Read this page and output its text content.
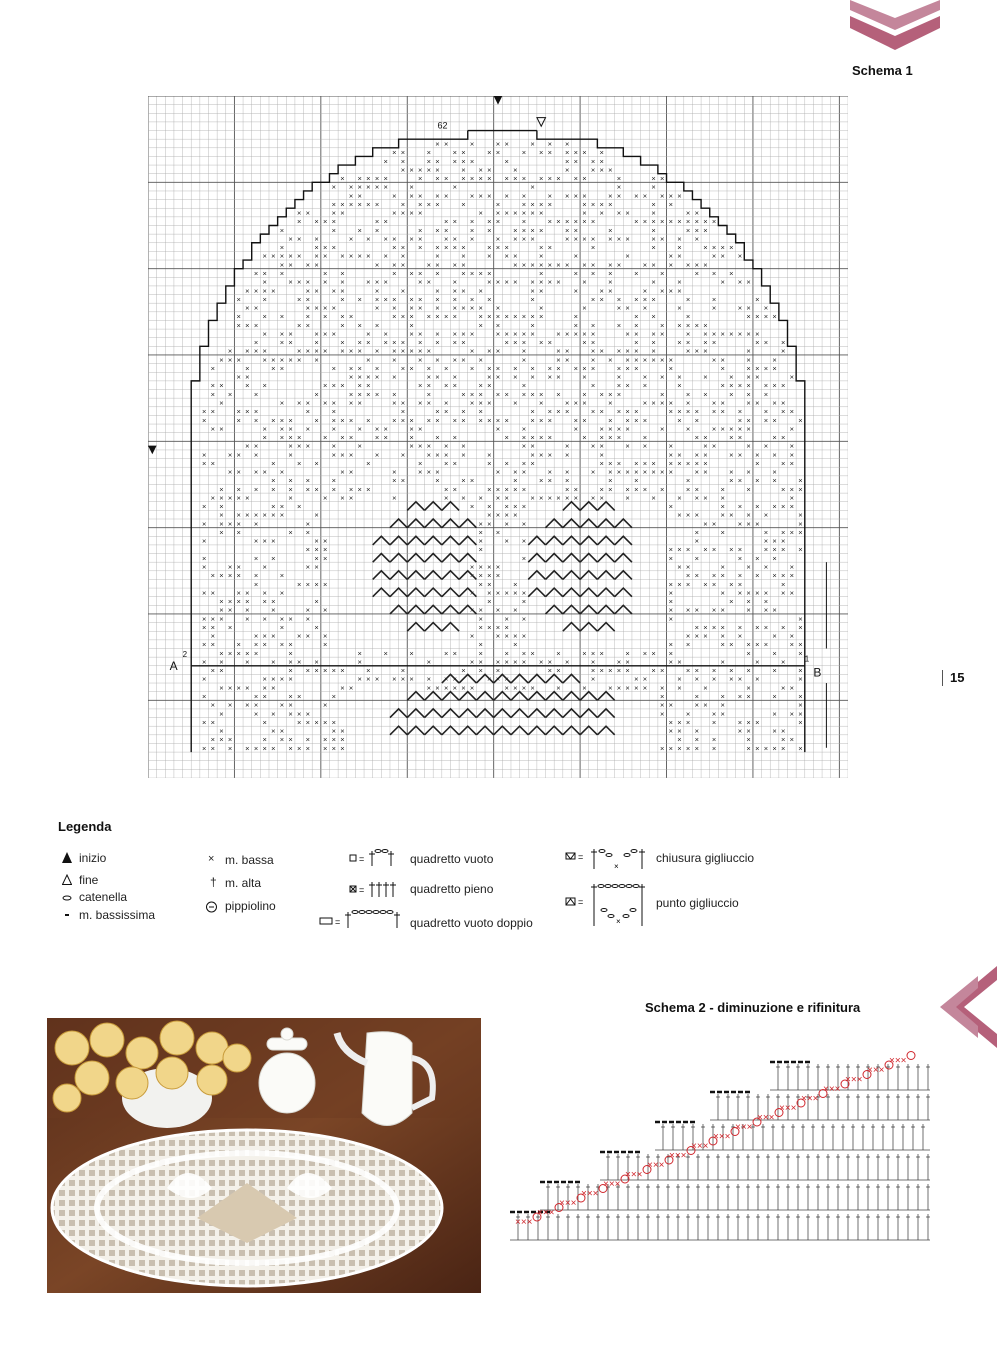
Schema 1
× ×	×	× ×	× × ×
× ×	×	× ×	× ×	× × × × × × ×
× ×	× × × × ×	×	× × × ×
× × × × ×	× × ×	×	×	× × ×
× × × × ×	× × × × × × × × × × × × × × ×	×	× ×
× × × × × ×	×	×	×	×	×
× ×	× × × × ×	× × × × ×	× × × ×	× × × × × × ×
× × × × × ×	× × × ×	×	×	× × × ×	× × × ×	× ×
× ×	× ×	× × × ×	× × × × × × ×	× × × ×	×	× ×
× × × ×	× ×	× × × × ×	×	× × × × × ×	× × × × × × × × × ×
×	×	× ×	× × ×	× ×	× × × ×	× ×	×	×	× × ×
× × ×	× × × × × ×	× × ×	× × × ×	× × × × × × ×	× × × ×
×	× × ×	× × × × × × ×	× × ×	× ×	×	×	×	× × × ×
× × × × × × × × × × × × ×	×	×	× × ×	×	×	×	× ×	× × ×
× × × ×	× × ×	× × × ×	× × × × × × × × × × ×	× × × × × ×
× × ×	× ×	× × × ×	× × × ×	×	× × ×	×	×	× × ×
×	× × × × ×	× × ×	× ×	×	× × × × × × × ×	×	×	×	×	× × ×
× × × ×	× × × ×	×	×	× × × ×	× ×	×	× ×	× × × ×
×	×	× ×	× × × × × × × × × × ×	×	× × × × × ×	×	×	×
× ×	× × × ×	× × × × × × × × × ×	×	×	× × ×	×	×	× × ×
×	× ×	× × × ×	× × × × × × ×	× × × × × × × ×	×	× ×	×	× × × ×
× × ×	× ×	× × ×	×	× ×	×	× ×	× ×	× × × × ×
× × ×	× × ×	× ×	× × × × × ×	× × × × ×	× × × × ×	× × × ×	× × × × × × × ×
×	× ×	×	× × × × × × × × × ×	× × × × ×	× ×	× ×	× × × ×	× × ×
× × × ×	× × × × × × × × × × × × ×	× × ×	×	× ×	× × × × × ×	× × ×	×	×
× × ×	× × × × × ×	×	×	× × × × ×	×	× ×	× × × × × × × ×	× ×	×	×
×	×	× ×	× × × ×	× × × ×	× × × × × × × × × ×	× × ×	×	×	× × × ×
× ×	× × × × ×	× × ×	× × × × × ×	×	×	× × ×	×	× × ×	×
× ×	× ×	× × × × ×	× × × ×	× ×	×	×	× × ×	×	× × × × × × ×
× ×	×	×	× × × × ×	×	× × × × × × × × ×	× × × ×	×	× ×	× × ×
×	× × × × × × ×	× × × × ×	× × ×	×	×	× × ×	×	× × × × ×	× ×	× × × ×
× ×	× × ×	×	×	×	× × × ×	× × × ×	× × × × ×	× × × × × × ×	× × ×
×	× × × × ×	× × × × ×	× × × × × × × × × × ×	× × ×	× ×	× × × ×	× ×	× × × ×	×
× ×	× × × ×	×	× × ×	× ×	×	×	×	× × × ×	×	×	× × × × ×	×
× × × ×	× × ×	× ×	×	× ×	× × × × ×	× × × ×	×	× ×	× ×	× ×
× ×	× × ×	×	×	× × × × ×	× ×	×	× ×	× ×	×	× ×	× ×	×
×	× × ×	×	× × ×	×	×	× × × ×	×	× × × ×	×	× × × ×	× × × × ×
× ×	×	× ×	×	×	× ×	× × × ×	× × × × × × × × × × ×	×	× ×
× × × × ×	× ×	×	× × ×	× × ×	× ×	× × × × × × × × ×	× ×	× ×	×
× × ×	×	× ×	×	× ×	×	× × ×	×	×	×	× × × ×	×
× × × × × × × × × × ×	× ×	× × × × ×	× ×	× × × × × ×	× ×	×	×	× × ×
× × × × ×	×	× × ×	×	× × × × ×	× × × × × × × ×	×	×	× × × ×	×
× ×	× × ×	× × × × ×	×	× × × × × ×
× × × × × × ×	×	× × × ×	× × ×	× × × ×	×
× × × × ×	×	× × × ×	× ×	× × ×	×
× ×	× ×	× ×	×	×	× × × ×
×	× × ×	× ×	×	× ×	×	× × ×
× × ×	×	× × × × × × ×	× × × ×
×	× ×	× ×	×	×	×	× × ×
×	× ×	×	× ×	× × × ×	× ×	×	× ×	×
× × × × ×	×	× × × ×	× × × × × × × × ×
×	× × × ×	× ×	×	× × × × × × ×	×
× ×	× × × ×	× × × × × ×	×	× × × × × × ×
× × × × × ×	×	×	×	×	× × ×
× × ×	×	× ×	× × × ×	× × × × ×	× × ×
× × ×	× × × × ×	×	× ×	×	×
× × ×	×	×	× × × ×	× × × × × × × × ×
×	× × ×	× × ×	×	× × × ×	× × × × ×	× ×
× ×	× × × × ×	×	×	×	× ×	× × × × ×	× ×
× × × × ×	×	×	×	×	× ×	×	× × ×	×	× × ×	× × × ×	×	×	×
× ×	×	× × × ×	×	×	× × × × × × × × ×	×	× ×	× ×	×	×	×
× ×	× × × × × ×	×	×	× × ×	× ×	× × × × ×	× ×	× × × × ×	×	×
×	× × × ×	× × × × × × × × ×	× × ×	×	× ×	× × × × × ×	×
× × × × × ×	× ×	× × × × × ×	× × × ×	×	×	× × × × × × ×	×	×	× ×
×	× ×	× ×	×	×	×	× × ×	×	×
× × × ×	× ×	×	× ×	× × ×	×
×	× × × × ×	×	×	× ×	× × ×
× ×	×	× × × × ×	× × ×	×	× × ×	×
×	× ×	× ×	× × ×	× ×	× ×
× × ×	× × × × × × ×	× × ×	×	× ×
× × × × × × × × × × × × ×	× × × × × ×	× × × × × ×
62
A
2
B
1
15
Legenda
inizio
fine
catenella
m. bassissima
× m. bassa
† m. alta
pippiolino
=	quadretto vuoto
=	quadretto pieno
=	quadretto vuoto doppio
=
×
chiusura gigliuccio
=
×
punto gigliuccio
Schema 2 - diminuzione e rifinitura
×××
×××
×××
×××
×××
×××
×××
×××
×××
×××
×××
×××
×××
×××
×××
×××
×××
×××
